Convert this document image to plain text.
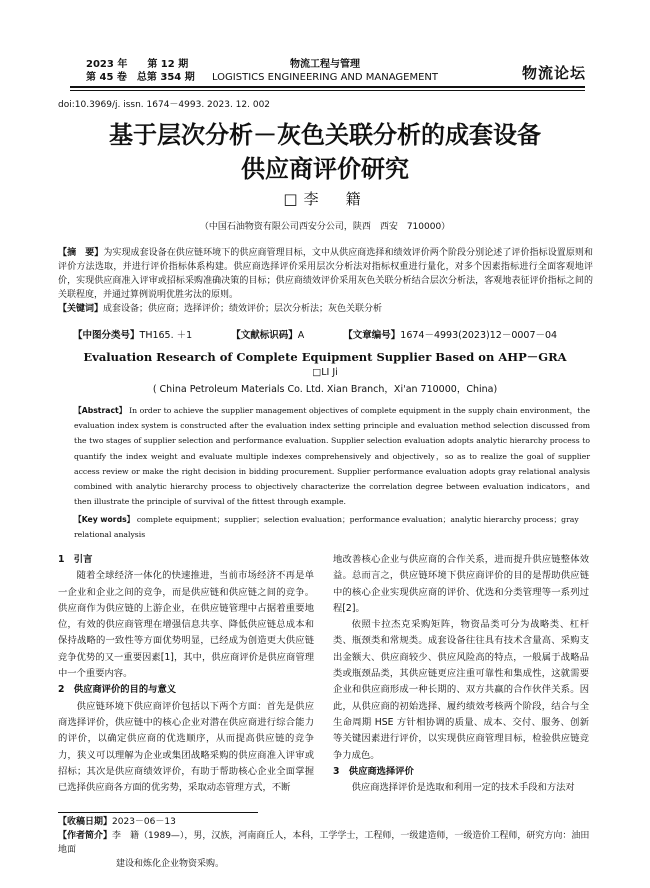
2023 年　　第 12 期
第 45 卷　总第 354 期
物流工程与管理
LOGISTICS ENGINEERING AND MANAGEMENT	物流论坛
doi:10.3969/j. issn. 1674－4993. 2023. 12. 002
基于层次分析－灰色关联分析的成套设备
供应商评价研究
□李　籍
（中国石油物资有限公司西安分公司，陕西　西安　710000）
【摘　要】为实现成套设备在供应链环境下的供应商管理目标，文中从供应商选择和绩效评价两个阶段分别论述了评价指标设置原则和评价方法选取，并进行评价指标体系构建。供应商选择评价采用层次分析法对指标权重进行量化，对多个因素指标进行全面客观地评价，实现供应商准入评审或招标采购准确决策的目标；供应商绩效评价采用灰色关联分析结合层次分析法，客观地表征评价指标之间的关联程度，并通过算例说明优胜劣汰的原则。
【关键词】成套设备；供应商；选择评价；绩效评价；层次分析法；灰色关联分析
【中图分类号】TH165. ＋1	【文献标识码】A	【文章编号】1674－4993(2023)12－0007－04
Evaluation Research of Complete Equipment Supplier Based on AHP－GRA
□LI Ji
( China Petroleum Materials Co. Ltd. Xian Branch，Xi'an 710000，China)
【Abstract】 In order to achieve the supplier management objectives of complete equipment in the supply chain environment，the evaluation index system is constructed after the evaluation index setting principle and evaluation method selection discussed from the two stages of supplier selection and performance evaluation. Supplier selection evaluation adopts analytic hierarchy process to quantify the index weight and evaluate multiple indexes comprehensively and objectively，so as to realize the goal of supplier access review or make the right decision in bidding procurement. Supplier performance evaluation adopts gray relational analysis combined with analytic hierarchy process to objectively characterize the correlation degree between evaluation indicators，and then illustrate the principle of survival of the fittest through example.
【Key words】 complete equipment；supplier；selection evaluation；performance evaluation；analytic hierarchy process；gray relational analysis
1　引言

随着全球经济一体化的快速推进，当前市场经济不再是单一企业和企业之间的竞争，而是供应链和供应链之间的竞争。供应商作为供应链的上游企业，在供应链管理中占据着重要地位，有效的供应商管理在增强信息共享、降低供应链总成本和保持战略的一致性等方面优势明显，已经成为创造更大供应链竞争优势的又一重要因素[1]，其中，供应商评价是供应商管理中一个重要内容。

2　供应商评价的目的与意义

供应链环境下供应商评价包括以下两个方面：首先是供应商选择评价，供应链中的核心企业对潜在供应商进行综合能力的评价，以确定供应商的优选顺序，从而提高供应链的竞争力，狭义可以理解为企业或集团战略采购的供应商准入评审或招标；其次是供应商绩效评价，有助于帮助核心企业全面掌握已选择供应商各方面的优劣势，采取动态管理方式，不断

地改善核心企业与供应商的合作关系，进而提升供应链整体效益。总而言之，供应链环境下供应商评价的目的是帮助供应链中的核心企业实现供应商的评价、优选和分类管理等一系列过程[2]。

依照卡拉杰克采购矩阵，物资品类可分为战略类、杠杆类、瓶颈类和常规类。成套设备往往具有技术含量高、采购支出金额大、供应商较少、供应风险高的特点，一般属于战略品类或瓶颈品类，其供应链更应注重可靠性和集成性，这就需要企业和供应商形成一种长期的、双方共赢的合作伙伴关系。因此，从供应商的初始选择、履约绩效考核两个阶段，结合与全生命周期 HSE 方针相协调的质量、成本、交付、服务、创新等关键因素进行评价，以实现供应商管理目标，检验供应链竞争力成色。

3　供应商选择评价

供应商选择评价是选取和利用一定的技术手段和方法对

【收稿日期】2023－06－13
【作者简介】李　籍（1989—），男，汉族，河南商丘人，本科，工学学士，工程师，一级建造师，一级造价工程师，研究方向：油田地面
建设和炼化企业物资采购。
